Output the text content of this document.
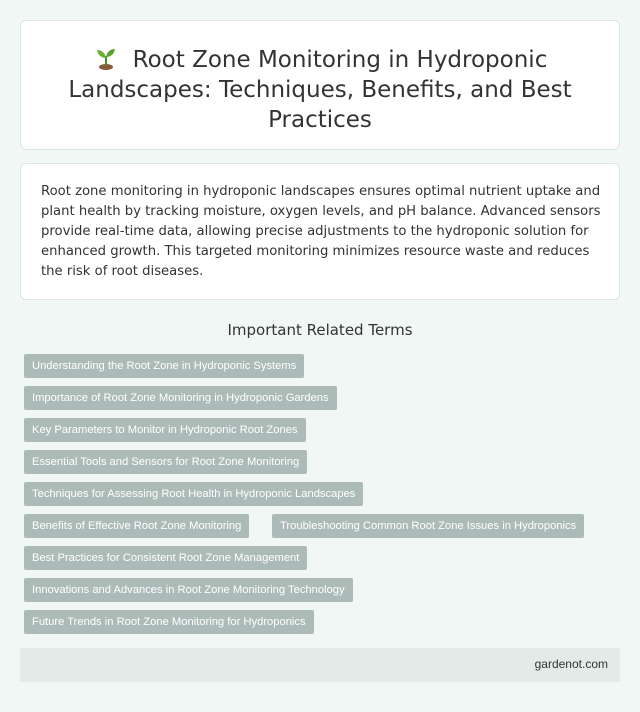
Root Zone Monitoring in Hydroponic Landscapes: Techniques, Benefits, and Best Practices

Root zone monitoring in hydroponic landscapes ensures optimal nutrient uptake and plant health by tracking moisture, oxygen levels, and pH balance. Advanced sensors provide real-time data, allowing precise adjustments to the hydroponic solution for enhanced growth. This targeted monitoring minimizes resource waste and reduces the risk of root diseases.

Important Related Terms
Understanding the Root Zone in Hydroponic Systems
Importance of Root Zone Monitoring in Hydroponic Gardens
Key Parameters to Monitor in Hydroponic Root Zones
Essential Tools and Sensors for Root Zone Monitoring
Techniques for Assessing Root Health in Hydroponic Landscapes
Benefits of Effective Root Zone Monitoring	Troubleshooting Common Root Zone Issues in Hydroponics
Best Practices for Consistent Root Zone Management
Innovations and Advances in Root Zone Monitoring Technology
Future Trends in Root Zone Monitoring for Hydroponics
gardenot.com
